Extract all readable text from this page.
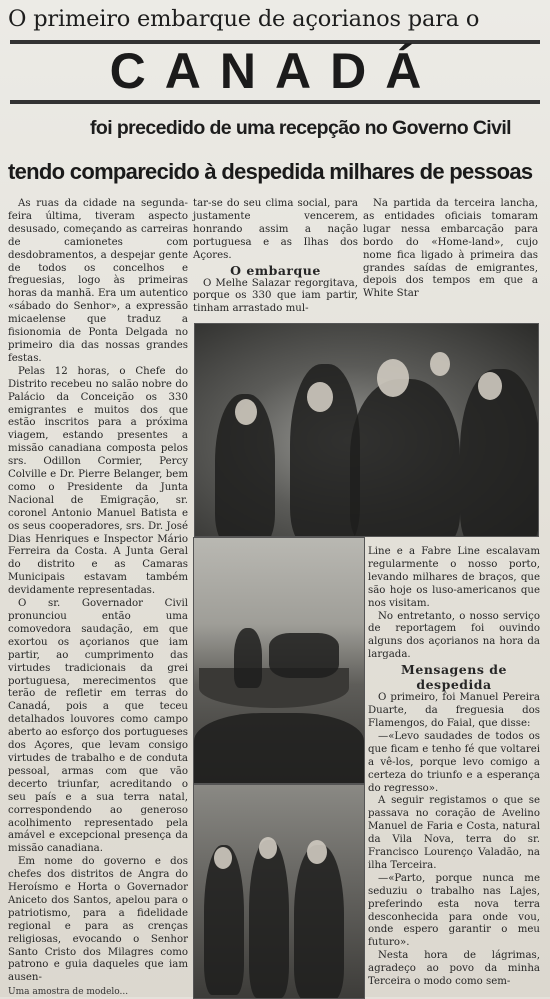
O primeiro embarque de açorianos para o
CANADÁ
foi precedido de uma recepção no Governo Civil
tendo comparecido à despedida milhares de pessoas

As ruas da cidade na segunda-feira última, tiveram aspecto desusado, começando as carreiras de camionetes com desdobramentos, a despejar gente de todos os concelhos e freguesias, logo às primeiras horas da manhã. Era um autentico «sábado do Senhor», a expressão micaelense que traduz a fisionomia de Ponta Delgada no primeiro dia das nossas grandes festas.

Pelas 12 horas, o Chefe do Distrito recebeu no salão nobre do Palácio da Conceição os 330 emigrantes e muitos dos que estão inscritos para a próxima viagem, estando presentes a missão canadiana composta pelos srs. Odillon Cormier, Percy Colville e Dr. Pierre Belanger, bem como o Presidente da Junta Nacional de Emigração, sr. coronel Antonio Manuel Batista e os seus cooperadores, srs. Dr. José Dias Henriques e Inspector Mário Ferreira da Costa. A Junta Geral do distrito e as Camaras Municipais estavam também devidamente representadas.

O sr. Governador Civil pronunciou então uma comovedora saudação, em que exortou os açorianos que iam partir, ao cumprimento das virtudes tradicionais da grei portuguesa, merecimentos que terão de refletir em terras do Canadá, pois a que teceu detalhados louvores como campo aberto ao esforço dos portugueses dos Açores, que levam consigo virtudes de trabalho e de conduta pessoal, armas com que vão decerto triunfar, acreditando o seu país e a sua terra natal, correspondendo ao generoso acolhimento representado pela amável e excepcional presença da missão canadiana.

Em nome do governo e dos chefes dos distritos de Angra do Heroísmo e Horta o Governador Aniceto dos Santos, apelou para o patriotismo, para a fidelidade regional e para as crenças religiosas, evocando o Senhor Santo Cristo dos Milagres como patrono e guia daqueles que iam ausen-

tar-se do seu clima social, para justamente vencerem, honrando assim a nação portuguesa e as Ilhas dos Açores.

O embarque

O Melhe Salazar regorgitava, porque os 330 que iam partir, tinham arrastado mul-

Na partida da terceira lancha, as entidades oficiais tomaram lugar nessa embarcação para bordo do «Home-land», cujo nome fica ligado à primeira das grandes saídas de emigrantes, depois dos tempos em que a White Star

Line e a Fabre Line escalavam regularmente o nosso porto, levando milhares de braços, que são hoje os luso-americanos que nos visitam.

No entretanto, o nosso serviço de reportagem foi ouvindo alguns dos açorianos na hora da largada.

Mensagens de despedida

O primeiro, foi Manuel Pereira Duarte, da freguesia dos Flamengos, do Faial, que disse:

—«Levo saudades de todos os que ficam e tenho fé que voltarei a vê-los, porque levo comigo a certeza do triunfo e a esperança do regresso».

A seguir registamos o que se passava no coração de Avelino Manuel de Faria e Costa, natural da Vila Nova, terra do sr. Francisco Lourenço Valadão, na ilha Terceira.

—«Parto, porque nunca me seduziu o trabalho nas Lajes, preferindo esta nova terra desconhecida para onde vou, onde espero garantir o meu futuro».

Nesta hora de lágrimas, agradeço ao povo da minha Terceira o modo como sem-

Uma amostra de modelo...
